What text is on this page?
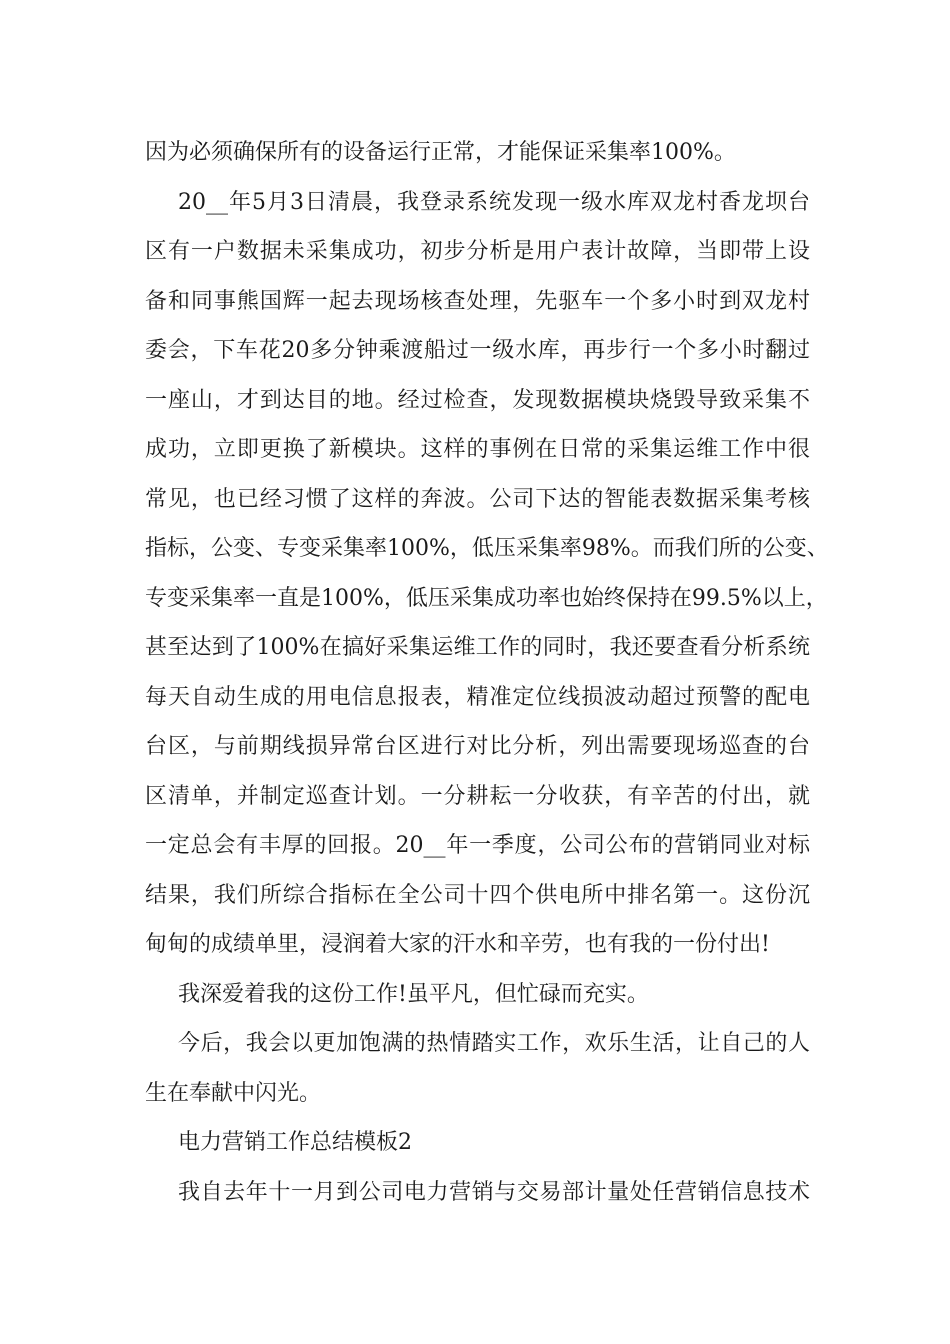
因为必须确保所有的设备运行正常，才能保证采集率100%。
20__年5月3日清晨，我登录系统发现一级水库双龙村香龙坝台
区有一户数据未采集成功，初步分析是用户表计故障，当即带上设
备和同事熊国辉一起去现场核查处理，先驱车一个多小时到双龙村
委会，下车花20多分钟乘渡船过一级水库，再步行一个多小时翻过
一座山，才到达目的地。经过检查，发现数据模块烧毁导致采集不
成功，立即更换了新模块。这样的事例在日常的采集运维工作中很
常见，也已经习惯了这样的奔波。公司下达的智能表数据采集考核
指标，公变、专变采集率100%，低压采集率98%。而我们所的公变、
专变采集率一直是100%，低压采集成功率也始终保持在99.5%以上，
甚至达到了100%在搞好采集运维工作的同时，我还要查看分析系统
每天自动生成的用电信息报表，精准定位线损波动超过预警的配电
台区，与前期线损异常台区进行对比分析，列出需要现场巡查的台
区清单，并制定巡查计划。一分耕耘一分收获，有辛苦的付出，就
一定总会有丰厚的回报。20__年一季度，公司公布的营销同业对标
结果，我们所综合指标在全公司十四个供电所中排名第一。这份沉
甸甸的成绩单里，浸润着大家的汗水和辛劳，也有我的一份付出!
我深爱着我的这份工作!虽平凡，但忙碌而充实。
今后，我会以更加饱满的热情踏实工作，欢乐生活，让自己的人
生在奉献中闪光。
电力营销工作总结模板2
我自去年十一月到公司电力营销与交易部计量处任营销信息技术
